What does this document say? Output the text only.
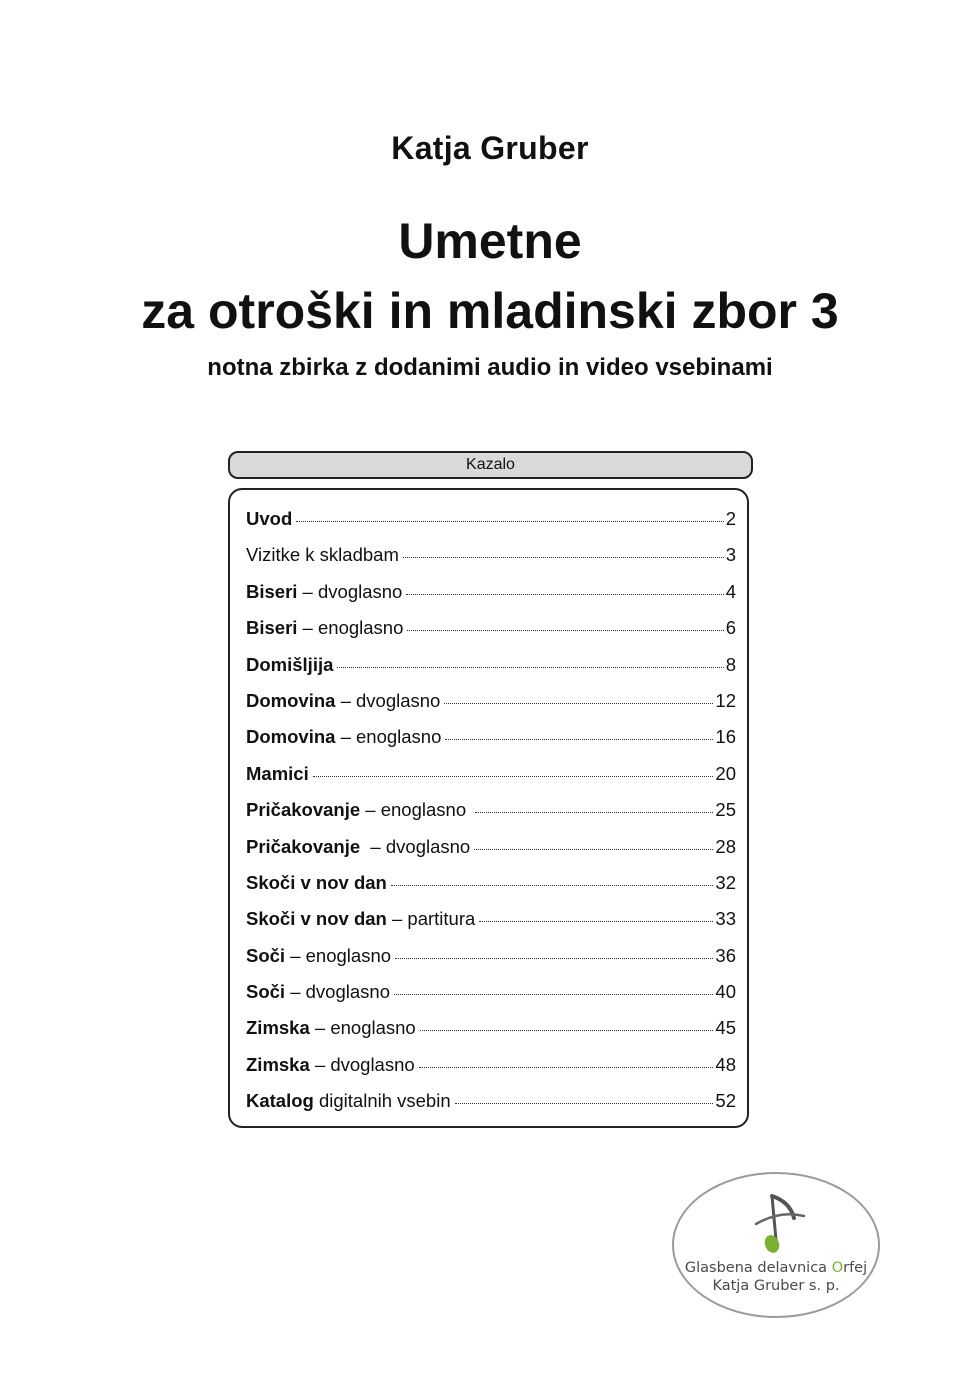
Katja Gruber
Umetne
za otroški in mladinski zbor 3
notna zbirka z dodanimi audio in video vsebinami
Kazalo
Uvod	2
Vizitke k skladbam	3
Biseri – dvoglasno	4
Biseri – enoglasno	6
Domišljija	8
Domovina – dvoglasno	12
Domovina – enoglasno	16
Mamici	20
Pričakovanje – enoglasno	25
Pričakovanje  – dvoglasno	28
Skoči v nov dan	32
Skoči v nov dan – partitura	33
Soči – enoglasno	36
Soči – dvoglasno	40
Zimska – enoglasno	45
Zimska – dvoglasno	48
Katalog digitalnih vsebin	52
Glasbena delavnica Orfej
Katja Gruber s. p.
